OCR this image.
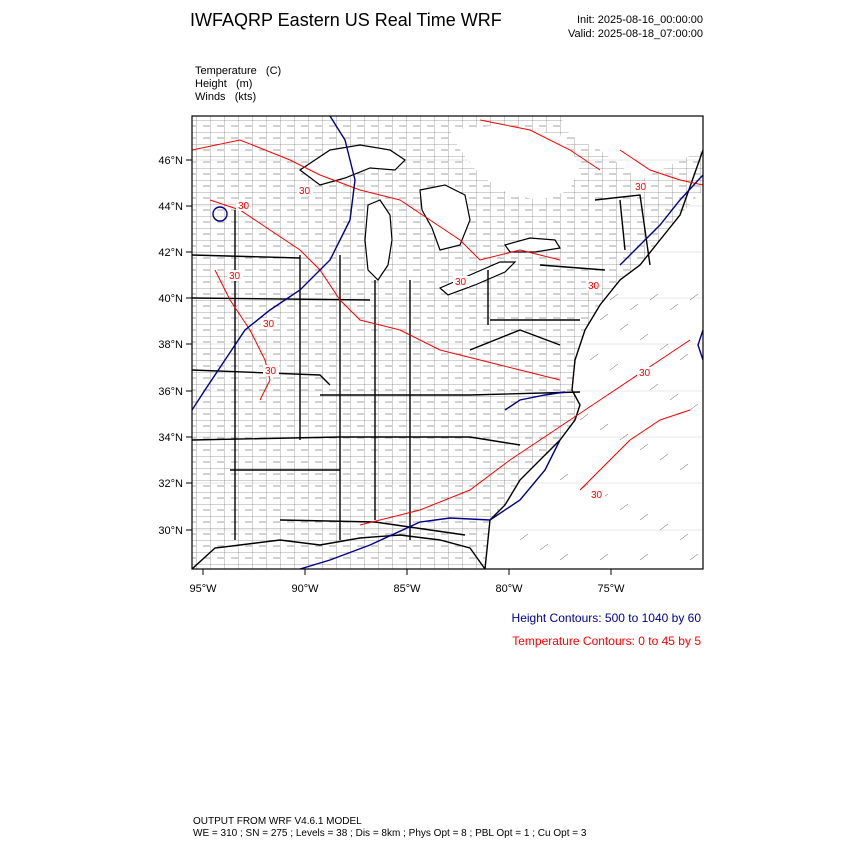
IWFAQRP Eastern US Real Time WRF	Init: 2025-08-16_00:00:00
Valid: 2025-08-18_07:00:00
Temperature   (C)
Height   (m)
Winds   (kts)
30
30
30
30
30
30	30
30
30
30
46°N
44°N
42°N
40°N
38°N
36°N
34°N
32°N
30°N
95°W	90°W	85°W	80°W	75°W
Height Contours: 500 to 1040 by 60
Temperature Contours: 0 to 45 by 5
OUTPUT FROM WRF V4.6.1 MODEL
WE = 310 ; SN = 275 ; Levels = 38 ; Dis = 8km ; Phys Opt = 8 ; PBL Opt = 1 ; Cu Opt = 3
